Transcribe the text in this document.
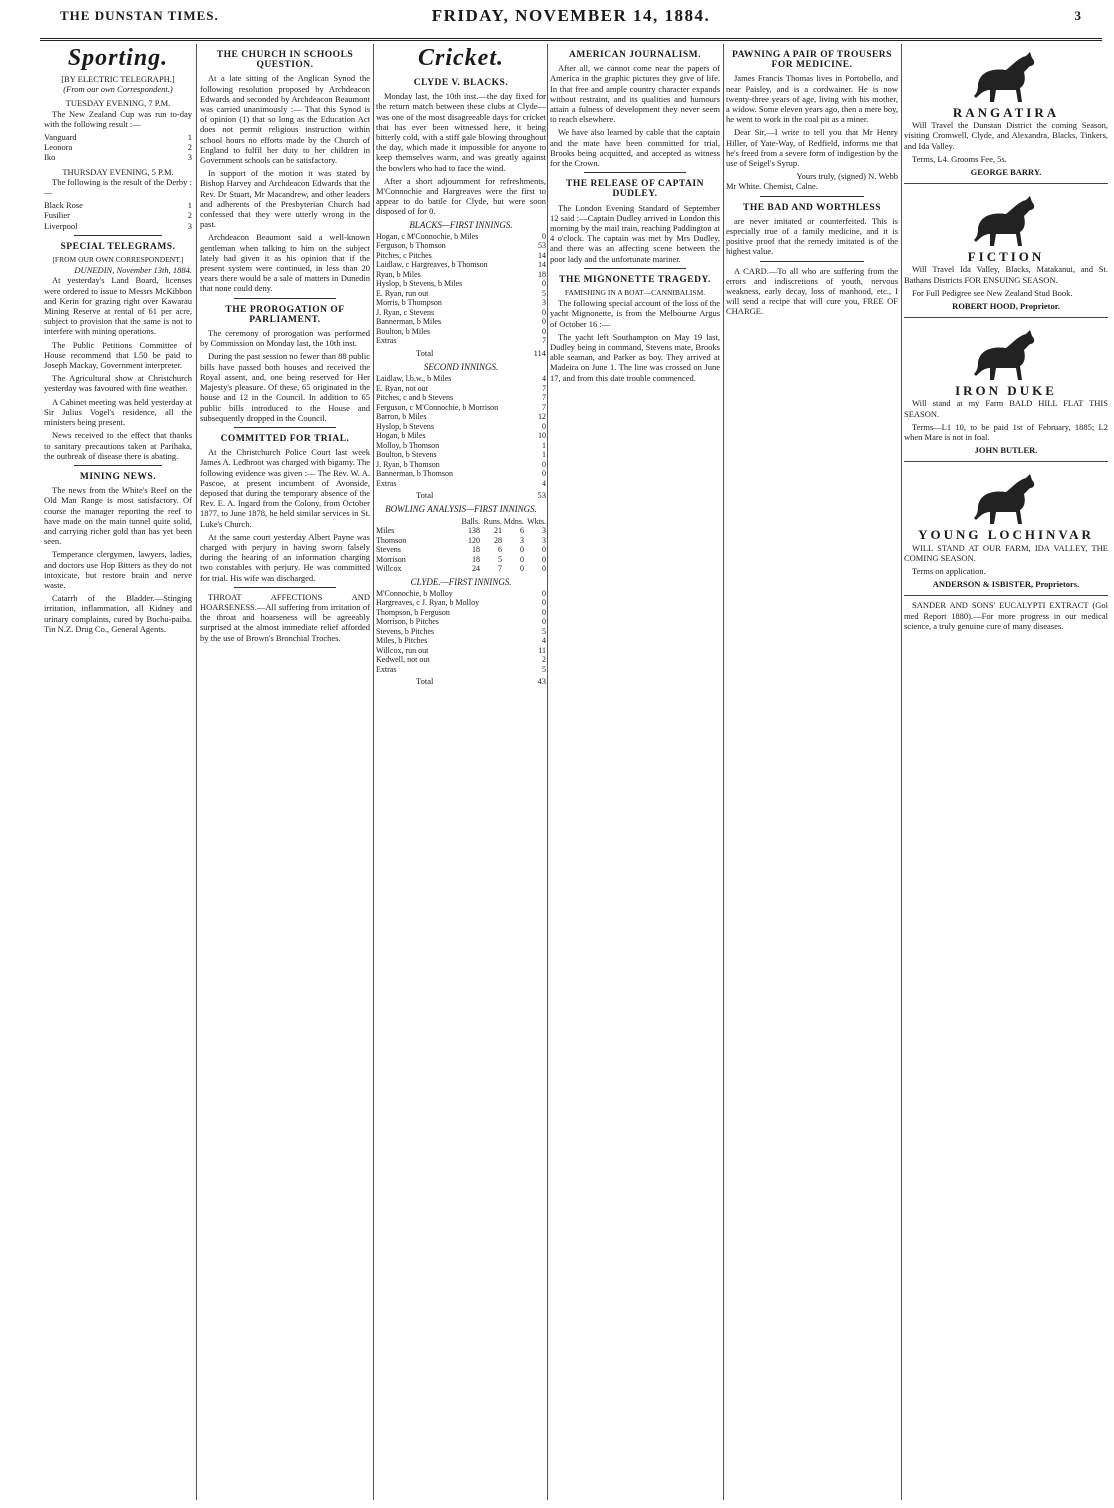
THE DUNSTAN TIMES.	FRIDAY, NOVEMBER 14, 1884.	3
Sporting.
[BY ELECTRIC TELEGRAPH.]
(From our own Correspondent.)
TUESDAY EVENING, 7 P.M.

The New Zealand Cup was run to-day with the following result :—

Vanguard	1
Leonora	2
Iko	3
THURSDAY EVENING, 5 P.M.

The following is the result of the Derby :—

Black Rose	1
Fusilier	2
Liverpool	3
SPECIAL TELEGRAMS.
[FROM OUR OWN CORRESPONDENT.]
DUNEDIN, November 13th, 1884.

At yesterday's Land Board, licenses were ordered to issue to Messrs McKibbon and Kerin for grazing right over Kawarau Mining Reserve at rental of 61 per acre, subject to provision that the same is not to interfere with mining operations.

The Public Petitions Committee of House recommend that L50 be paid to Joseph Mackay, Government interpreter.

The Agricultural show at Christchurch yesterday was favoured with fine weather.

A Cabinet meeting was held yesterday at Sir Julius Vogel's residence, all the ministers being present.

News received to the effect that thanks to sanitary precautions taken at Parihaka, the outbreak of disease there is abating.

MINING NEWS.

The news from the White's Reef on the Old Man Range is most satisfactory. Of course the manager reporting the reef to have made on the main tunnel quite solid, and carrying richer gold than has yet been seen.

Temperance clergymen, lawyers, ladies, and doctors use Hop Bitters as they do not intoxicate, but restore brain and nerve waste.

Catarrh of the Bladder.—Stinging irritation, inflammation, all Kidney and urinary complaints, cured by Buchu-paiba. Tin N.Z. Drug Co., General Agents.

THE CHURCH IN SCHOOLS QUESTION.

At a late sitting of the Anglican Synod the following resolution proposed by Archdeacon Edwards and seconded by Archdeacon Beaumont was carried unanimously :— That this Synod is of opinion (1) that so long as the Education Act does not permit religious instruction within school hours no efforts made by the Church of England to fulfil her duty to her children in Government schools can be satisfactory.

In support of the motion it was stated by Bishop Harvey and Archdeacon Edwards that the Rev. Dr Stuart, Mr Macandrew, and other leaders and adherents of the Presbyterian Church had confessed that they were utterly wrong in the past.

Archdeacon Beaumont said a well-known gentleman when talking to him on the subject lately had given it as his opinion that if the present system were continued, in less than 20 years there would be a sale of matters in Dunedin that none could deny.

THE PROROGATION OF PARLIAMENT.

The ceremony of prorogation was performed by Commission on Monday last, the 10th inst.

During the past session no fewer than 88 public bills have passed both houses and received the Royal assent, and, one being reserved for Her Majesty's pleasure. Of these, 65 originated in the house and 12 in the Council. In addition to 65 public bills introduced to the House and subsequently dropped in the Council.

COMMITTED FOR TRIAL.

At the Christchurch Police Court last week James A. Ledbroot was charged with bigamy. The following evidence was given :— The Rev. W. A. Pascoe, at present incumbent of Avonside, deposed that during the temporary absence of the Rev. E. A. Ingard from the Colony, from October 1877, to June 1878, he held similar services in St. Luke's Church.

At the same court yesterday Albert Payne was charged with perjury in having sworn falsely during the hearing of an information charging two constables with perjury. He was committed for trial. His wife was discharged.

THROAT AFFECTIONS AND HOARSENESS.—All suffering from irritation of the throat and hoarseness will be agreeably surprised at the almost immediate relief afforded by the use of Brown's Bronchial Troches.

Cricket.
CLYDE V. BLACKS.

Monday last, the 10th inst.—the day fixed for the return match between these clubs at Clyde—was one of the most disagreeable days for cricket that has ever been witnessed here, it being bitterly cold, with a stiff gale blowing throughout the day, which made it impossible for anyone to keep themselves warm, and was greatly against the bowlers who had to face the wind.

After a short adjournment for refreshments, M'Connochie and Hargreaves were the first to appear to do battle for Clyde, but were soon disposed of for 0.

BLACKS—FIRST INNINGS.
Hogan, c M'Connochie, b Miles	0
Ferguson, b Thomson	53
Pitches, c Pitches	14
Laidlaw, c Hargreaves, b Thomson	14
Ryan, b Miles	18
Hyslop, b Stevens, b Miles	0
E. Ryan, run out	5
Morris, b Thompson	3
J. Ryan, c Stevens	0
Bannerman, b Miles	0
Boulton, b Miles	0
Extras	7
Total	114
SECOND INNINGS.
Laidlaw, l.b.w., b Miles	4
E. Ryan, not out	7
Pitches, c and b Stevens	7
Ferguson, c M'Connochie, b Morrison	7
Barron, b Miles	12
Hyslop, b Stevens	0
Hogan, b Miles	10
Molloy, b Thomson	1
Boulton, b Stevens	1
J. Ryan, b Thomson	0
Bannerman, b Thomson	0
Extras	4
Total	53
BOWLING ANALYSIS—FIRST INNINGS.
	Balls.	Runs.	Mdns.	Wkts.
Miles	138	21	6	3
Thomson	120	28	3	3
Stevens	18	6	0	0
Morrison	18	5	0	0
Willcox	24	7	0	0
CLYDE.—FIRST INNINGS.
M'Connochie, b Molloy	0
Hargreaves, c J. Ryan, b Molloy	0
Thompson, b Ferguson	0
Morrison, b Pitches	0
Stevens, b Pitches	5
Miles, b Pitches	4
Willcox, run out	11
Kedwell, not out	2
Extras	5
Total	43
AMERICAN JOURNALISM.

After all, we cannot come near the papers of America in the graphic pictures they give of life. In that free and ample country character expands without restraint, and its qualities and humours attain a fulness of development they never seem to reach elsewhere.

We have also learned by cable that the captain and the mate have been committed for trial, Brooks being acquitted, and accepted as witness for the Crown.

THE RELEASE OF CAPTAIN DUDLEY.

The London Evening Standard of September 12 said :—Captain Dudley arrived in London this morning by the mail train, reaching Paddington at 4 o'clock. The captain was met by Mrs Dudley, and there was an affecting scene between the poor lady and the unfortunate mariner.

THE MIGNONETTE TRAGEDY.
FAMISHING IN A BOAT—CANNIBALISM.

The following special account of the loss of the yacht Mignonette, is from the Melbourne Argus of October 16 :—

The yacht left Southampton on May 19 last, Dudley being in command, Stevens mate, Brooks able seaman, and Parker as boy. They arrived at Madeira on June 1. The line was crossed on June 17, and from this date trouble commenced.

PAWNING A PAIR OF TROUSERS FOR MEDICINE.

James Francis Thomas lives in Portobello, and near Paisley, and is a cordwainer. He is now twenty-three years of age, living with his mother, a widow. Some eleven years ago, then a mere boy, he went to work in the coal pit as a miner.

Dear Sir,—I write to tell you that Mr Henry Hiller, of Yate-Way, of Redfield, informs me that he's freed from a severe form of indigestion by the use of Seigel's Syrup.

Yours truly, (signed) N. Webb
Mr White. Chemist, Calne.
THE BAD AND WORTHLESS

are never imitated or counterfeited. This is especially true of a family medicine, and it is positive proof that the remedy imitated is of the highest value.

A CARD.—To all who are suffering from the errors and indiscretions of youth, nervous weakness, early decay, loss of manhood, etc., I will send a recipe that will cure you, FREE OF CHARGE.

RANGATIRA

Will Travel the Dunstan District the coming Season, visiting Cromwell, Clyde, and Alexandra, Blacks, Tinkers, and Ida Valley.

Terms, L4. Grooms Fee, 5s.

GEORGE BARRY.
FICTION

Will Travel Ida Valley, Blacks, Matakanui, and St. Bathans Districts FOR ENSUING SEASON.

For Full Pedigree see New Zealand Stud Book.

ROBERT HOOD, Proprietor.
IRON DUKE

Will stand at my Farm BALD HILL FLAT THIS SEASON.

Terms—L1 10, to be paid 1st of February, 1885; L2 when Mare is not in foal.

JOHN BUTLER.
YOUNG LOCHINVAR

WILL STAND AT OUR FARM, IDA VALLEY, THE COMING SEASON.

Terms on application.

ANDERSON & ISBISTER, Proprietors.

SANDER AND SONS' EUCALYPTI EXTRACT (Gol med Report 1880).—For more progress in our medical science, a truly genuine cure of many diseases.
